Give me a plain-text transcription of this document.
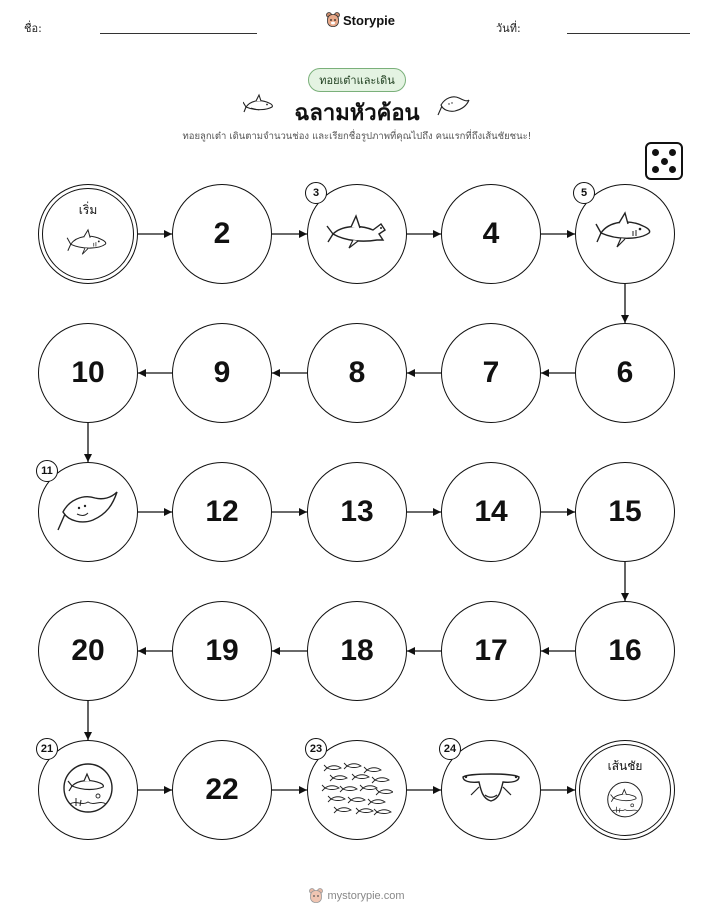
ชื่อ:
Storypie
วันที่:
ทอยเต๋าและเดิน
ฉลามหัวค้อน
ทอยลูกเต๋า เดินตามจำนวนช่อง และเรียกชื่อรูปภาพที่คุณไปถึง คนแรกที่ถึงเส้นชัยชนะ!
เริ่ม
2
3
4
5
6
7
8
9
10
11
12	13	14	15
16
17
18
19
20
21
22
23	24
เส้นชัย
mystorypie.com
